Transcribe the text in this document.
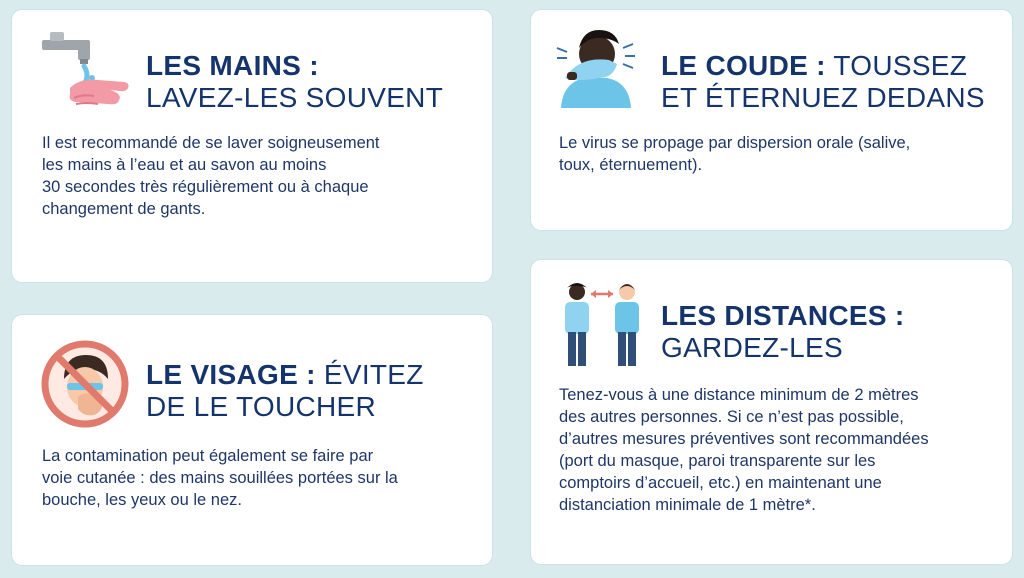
LES MAINS :
LAVEZ-LES SOUVENT
Il est recommandé de se laver soigneusement
les mains à l’eau et au savon au moins
30 secondes très régulièrement ou à chaque
changement de gants.
LE COUDE : TOUSSEZ
ET ÉTERNUEZ DEDANS
Le virus se propage par dispersion orale (salive,
toux, éternuement).
LE VISAGE : ÉVITEZ
DE LE TOUCHER
La contamination peut également se faire par
voie cutanée : des mains souillées portées sur la
bouche, les yeux ou le nez.
LES DISTANCES :
GARDEZ-LES
Tenez-vous à une distance minimum de 2 mètres
des autres personnes. Si ce n’est pas possible,
d’autres mesures préventives sont recommandées
(port du masque, paroi transparente sur les
comptoirs d’accueil, etc.) en maintenant une
distanciation minimale de 1 mètre*.
